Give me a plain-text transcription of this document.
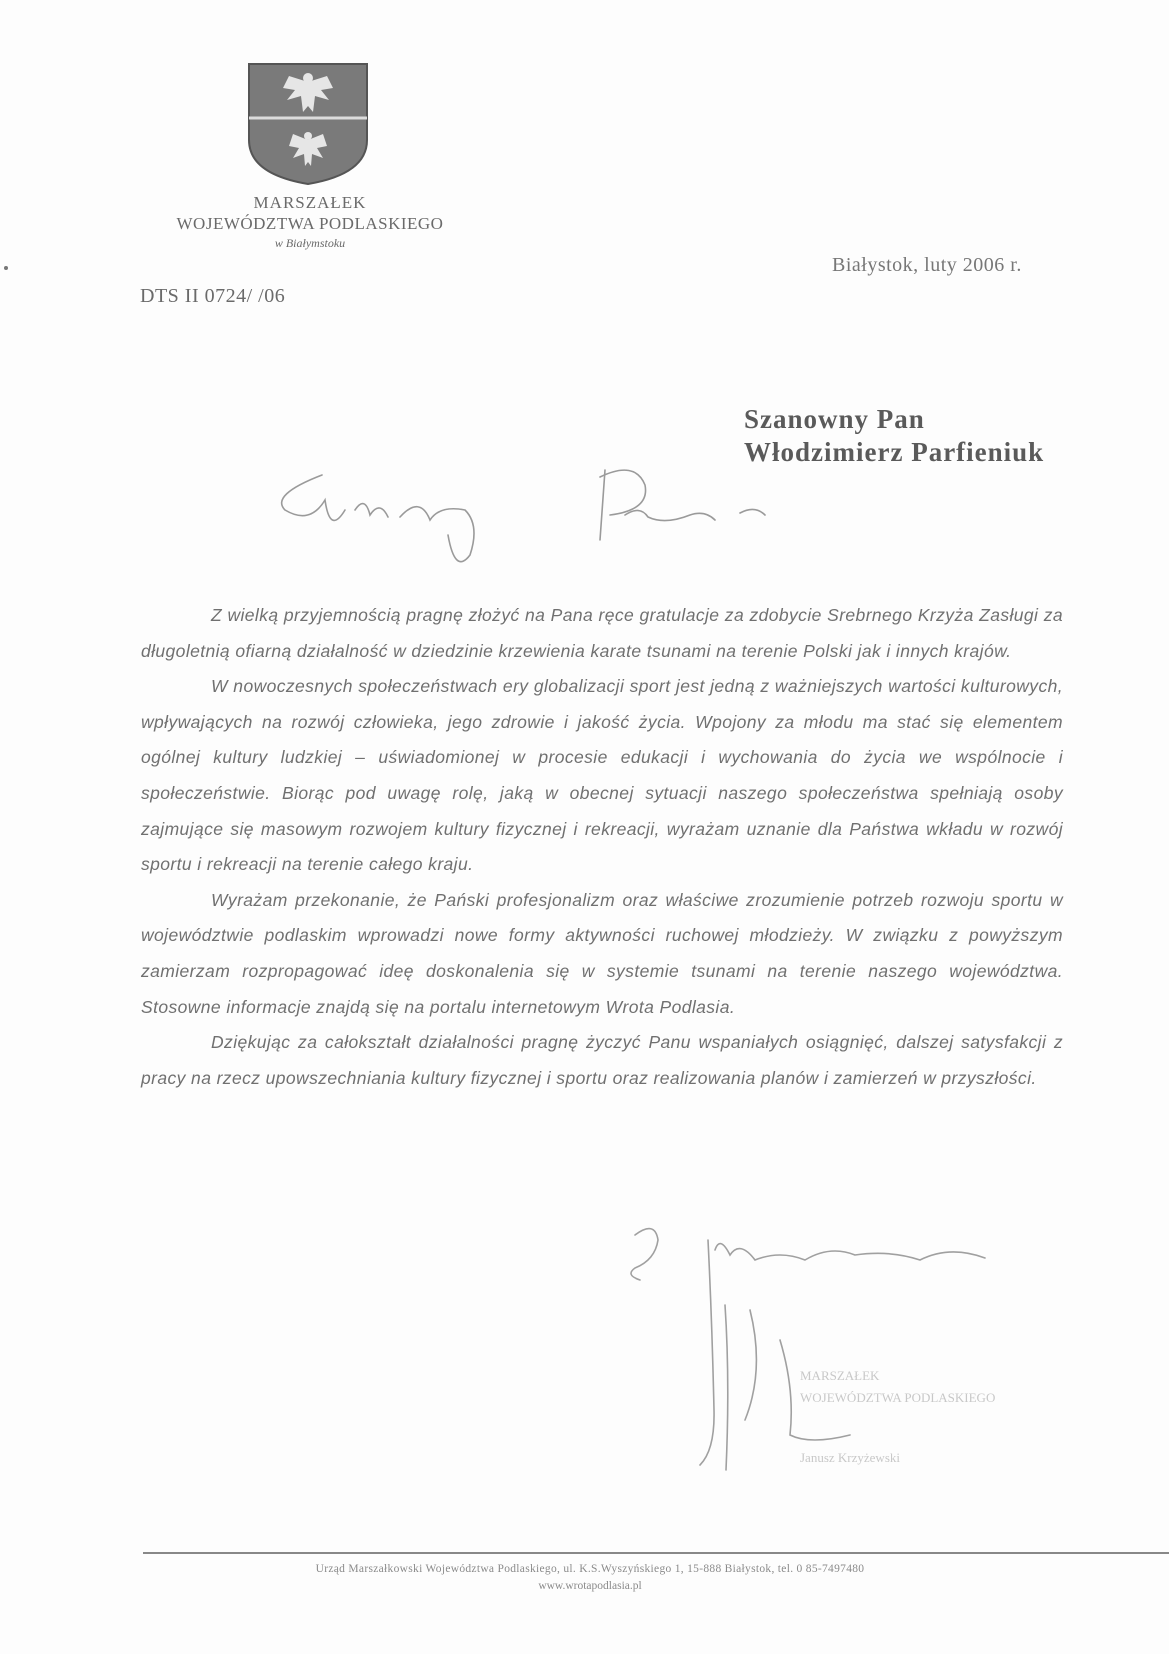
MARSZAŁEK
WOJEWÓDZTWA PODLASKIEGO
w Białymstoku
DTS II 0724/ /06
Białystok, luty 2006 r.
Szanowny Pan
Włodzimierz Parfieniuk

Z wielką przyjemnością pragnę złożyć na Pana ręce gratulacje za zdobycie Srebrnego Krzyża Zasługi za długoletnią ofiarną działalność w dziedzinie krzewienia karate tsunami na terenie Polski jak i innych krajów.

W nowoczesnych społeczeństwach ery globalizacji sport jest jedną z ważniejszych wartości kulturowych, wpływających na rozwój człowieka, jego zdrowie i jakość życia. Wpojony za młodu ma stać się elementem ogólnej kultury ludzkiej – uświadomionej w procesie edukacji i wychowania do życia we wspólnocie i społeczeństwie. Biorąc pod uwagę rolę, jaką w obecnej sytuacji naszego społeczeństwa spełniają osoby zajmujące się masowym rozwojem kultury fizycznej i rekreacji, wyrażam uznanie dla Państwa wkładu w rozwój sportu i rekreacji na terenie całego kraju.

Wyrażam przekonanie, że Pański profesjonalizm oraz właściwe zrozumienie potrzeb rozwoju sportu w województwie podlaskim wprowadzi nowe formy aktywności ruchowej młodzieży. W związku z powyższym zamierzam rozpropagować ideę doskonalenia się w systemie tsunami na terenie naszego województwa. Stosowne informacje znajdą się na portalu internetowym Wrota Podlasia.

Dziękując za całokształt działalności pragnę życzyć Panu wspaniałych osiągnięć, dalszej satysfakcji z pracy na rzecz upowszechniania kultury fizycznej i sportu oraz realizowania planów i zamierzeń w przyszłości.

MARSZAŁEK
WOJEWÓDZTWA PODLASKIEGO
Janusz Krzyżewski
Urząd Marszałkowski Województwa Podlaskiego, ul. K.S.Wyszyńskiego 1, 15-888 Białystok, tel. 0 85-7497480
www.wrotapodlasia.pl
